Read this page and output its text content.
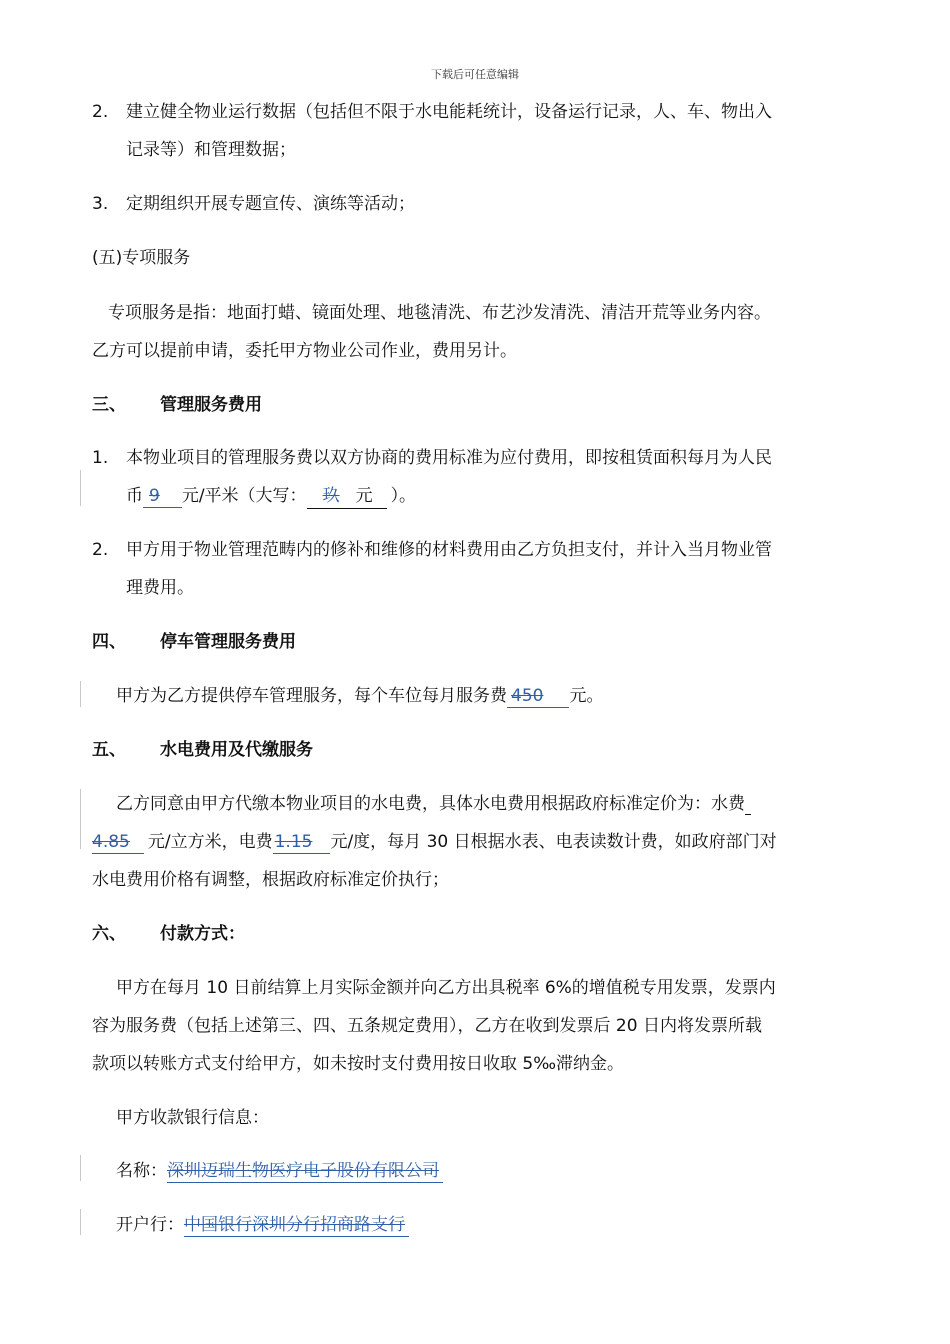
下载后可任意编辑
2. 建立健全物业运行数据（包括但不限于水电能耗统计，设备运行记录，人、车、物出入
记录等）和管理数据；
3. 定期组织开展专题宣传、演练等活动；
(五)专项服务
专项服务是指：地面打蜡、镜面处理、地毯清洗、布艺沙发清洗、清洁开荒等业务内容。
乙方可以提前申请，委托甲方物业公司作业，费用另计。
三、 管理服务费用
1. 本物业项目的管理服务费以双方协商的费用标准为应付费用，即按租赁面积每月为人民
币 9 元/平米（大写： 玖 元 ）。
2. 甲方用于物业管理范畴内的修补和维修的材料费用由乙方负担支付，并计入当月物业管
理费用。
四、 停车管理服务费用
甲方为乙方提供停车管理服务，每个车位每月服务费 450 元。
五、 水电费用及代缴服务
乙方同意由甲方代缴本物业项目的水电费，具体水电费用根据政府标准定价为：水费
4.85 元/立方米，电费 1.15 元/度，每月 30 日根据水表、电表读数计费，如政府部门对
水电费用价格有调整，根据政府标准定价执行；
六、 付款方式：
甲方在每月 10 日前结算上月实际金额并向乙方出具税率 6%的增值税专用发票，发票内
容为服务费（包括上述第三、四、五条规定费用），乙方在收到发票后 20 日内将发票所载
款项以转账方式支付给甲方，如未按时支付费用按日收取 5‰滞纳金。
甲方收款银行信息：
名称：深圳迈瑞生物医疗电子股份有限公司
开户行：中国银行深圳分行招商路支行
